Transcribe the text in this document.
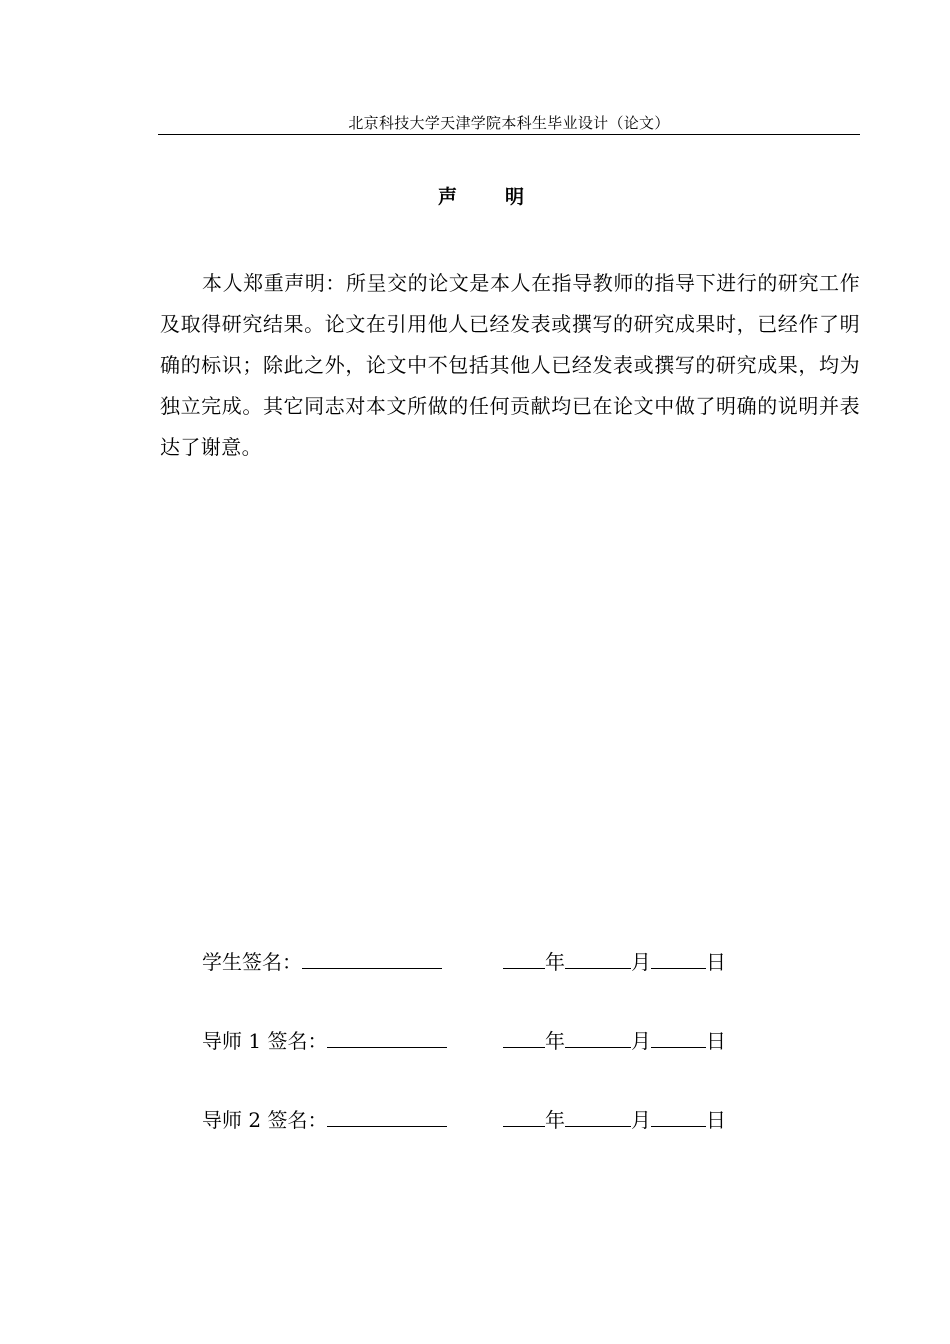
北京科技大学天津学院本科生毕业设计（论文）
声明

本人郑重声明：所呈交的论文是本人在指导教师的指导下进行的研究工作及取得研究结果。论文在引用他人已经发表或撰写的研究成果时，已经作了明确的标识；除此之外，论文中不包括其他人已经发表或撰写的研究成果，均为独立完成。其它同志对本文所做的任何贡献均已在论文中做了明确的说明并表达了谢意。

学生签名：	年	月	日
导师 1 签名：	年	月	日
导师 2 签名：	年	月	日
